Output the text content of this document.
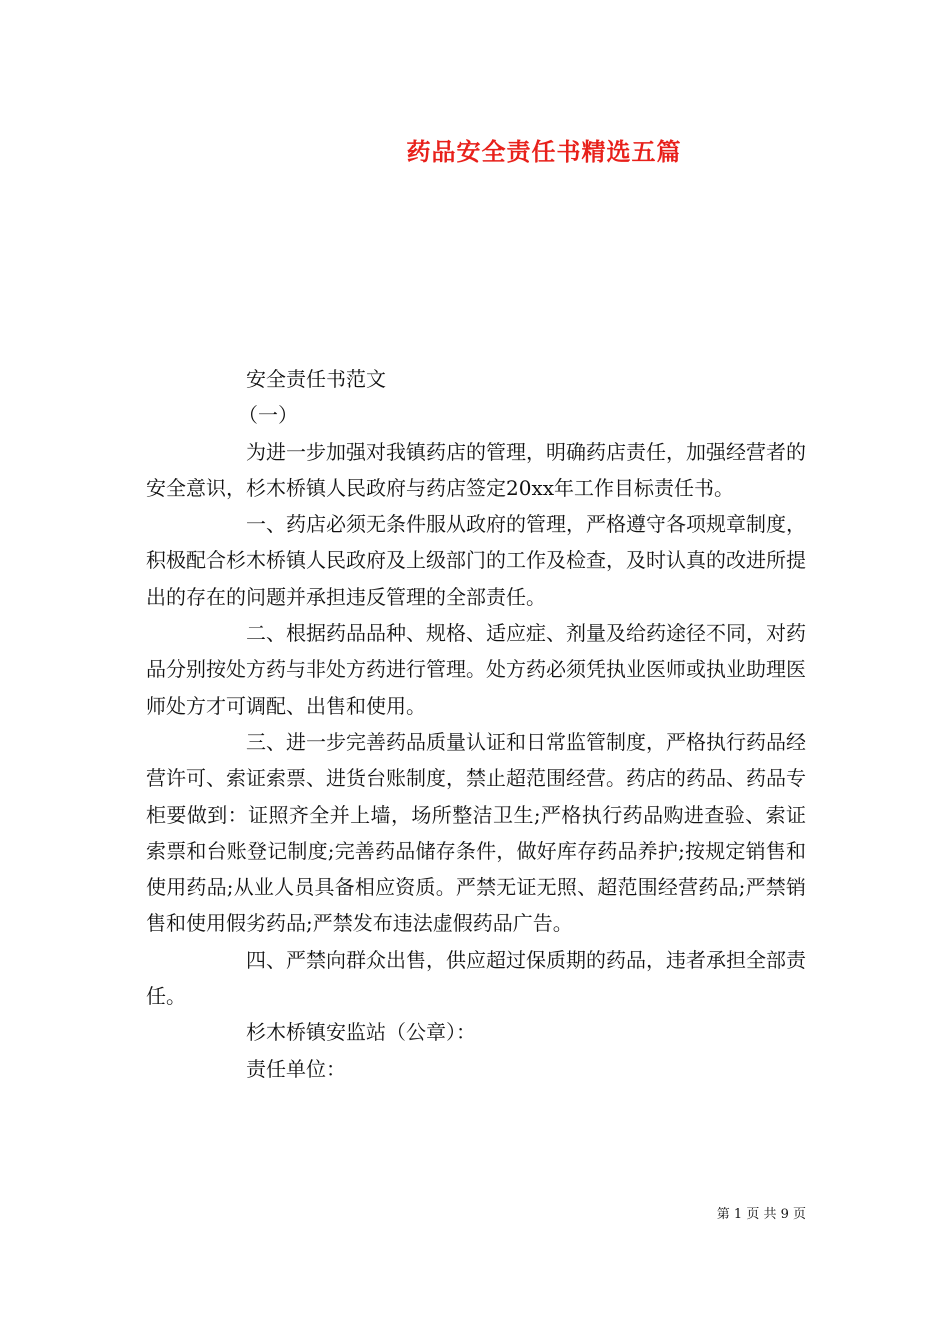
药品安全责任书精选五篇

安全责任书范文

（一）

为进一步加强对我镇药店的管理，明确药店责任，加强经营者的安全意识，杉木桥镇人民政府与药店签定20xx年工作目标责任书。

一、药店必须无条件服从政府的管理，严格遵守各项规章制度，积极配合杉木桥镇人民政府及上级部门的工作及检查，及时认真的改进所提出的存在的问题并承担违反管理的全部责任。

二、根据药品品种、规格、适应症、剂量及给药途径不同，对药品分别按处方药与非处方药进行管理。处方药必须凭执业医师或执业助理医师处方才可调配、出售和使用。

三、进一步完善药品质量认证和日常监管制度，严格执行药品经营许可、索证索票、进货台账制度，禁止超范围经营。药店的药品、药品专柜要做到：证照齐全并上墙，场所整洁卫生;严格执行药品购进查验、索证索票和台账登记制度;完善药品储存条件，做好库存药品养护;按规定销售和使用药品;从业人员具备相应资质。严禁无证无照、超范围经营药品;严禁销售和使用假劣药品;严禁发布违法虚假药品广告。

四、严禁向群众出售，供应超过保质期的药品，违者承担全部责任。

杉木桥镇安监站（公章）：

责任单位：

第 1 页 共 9 页
